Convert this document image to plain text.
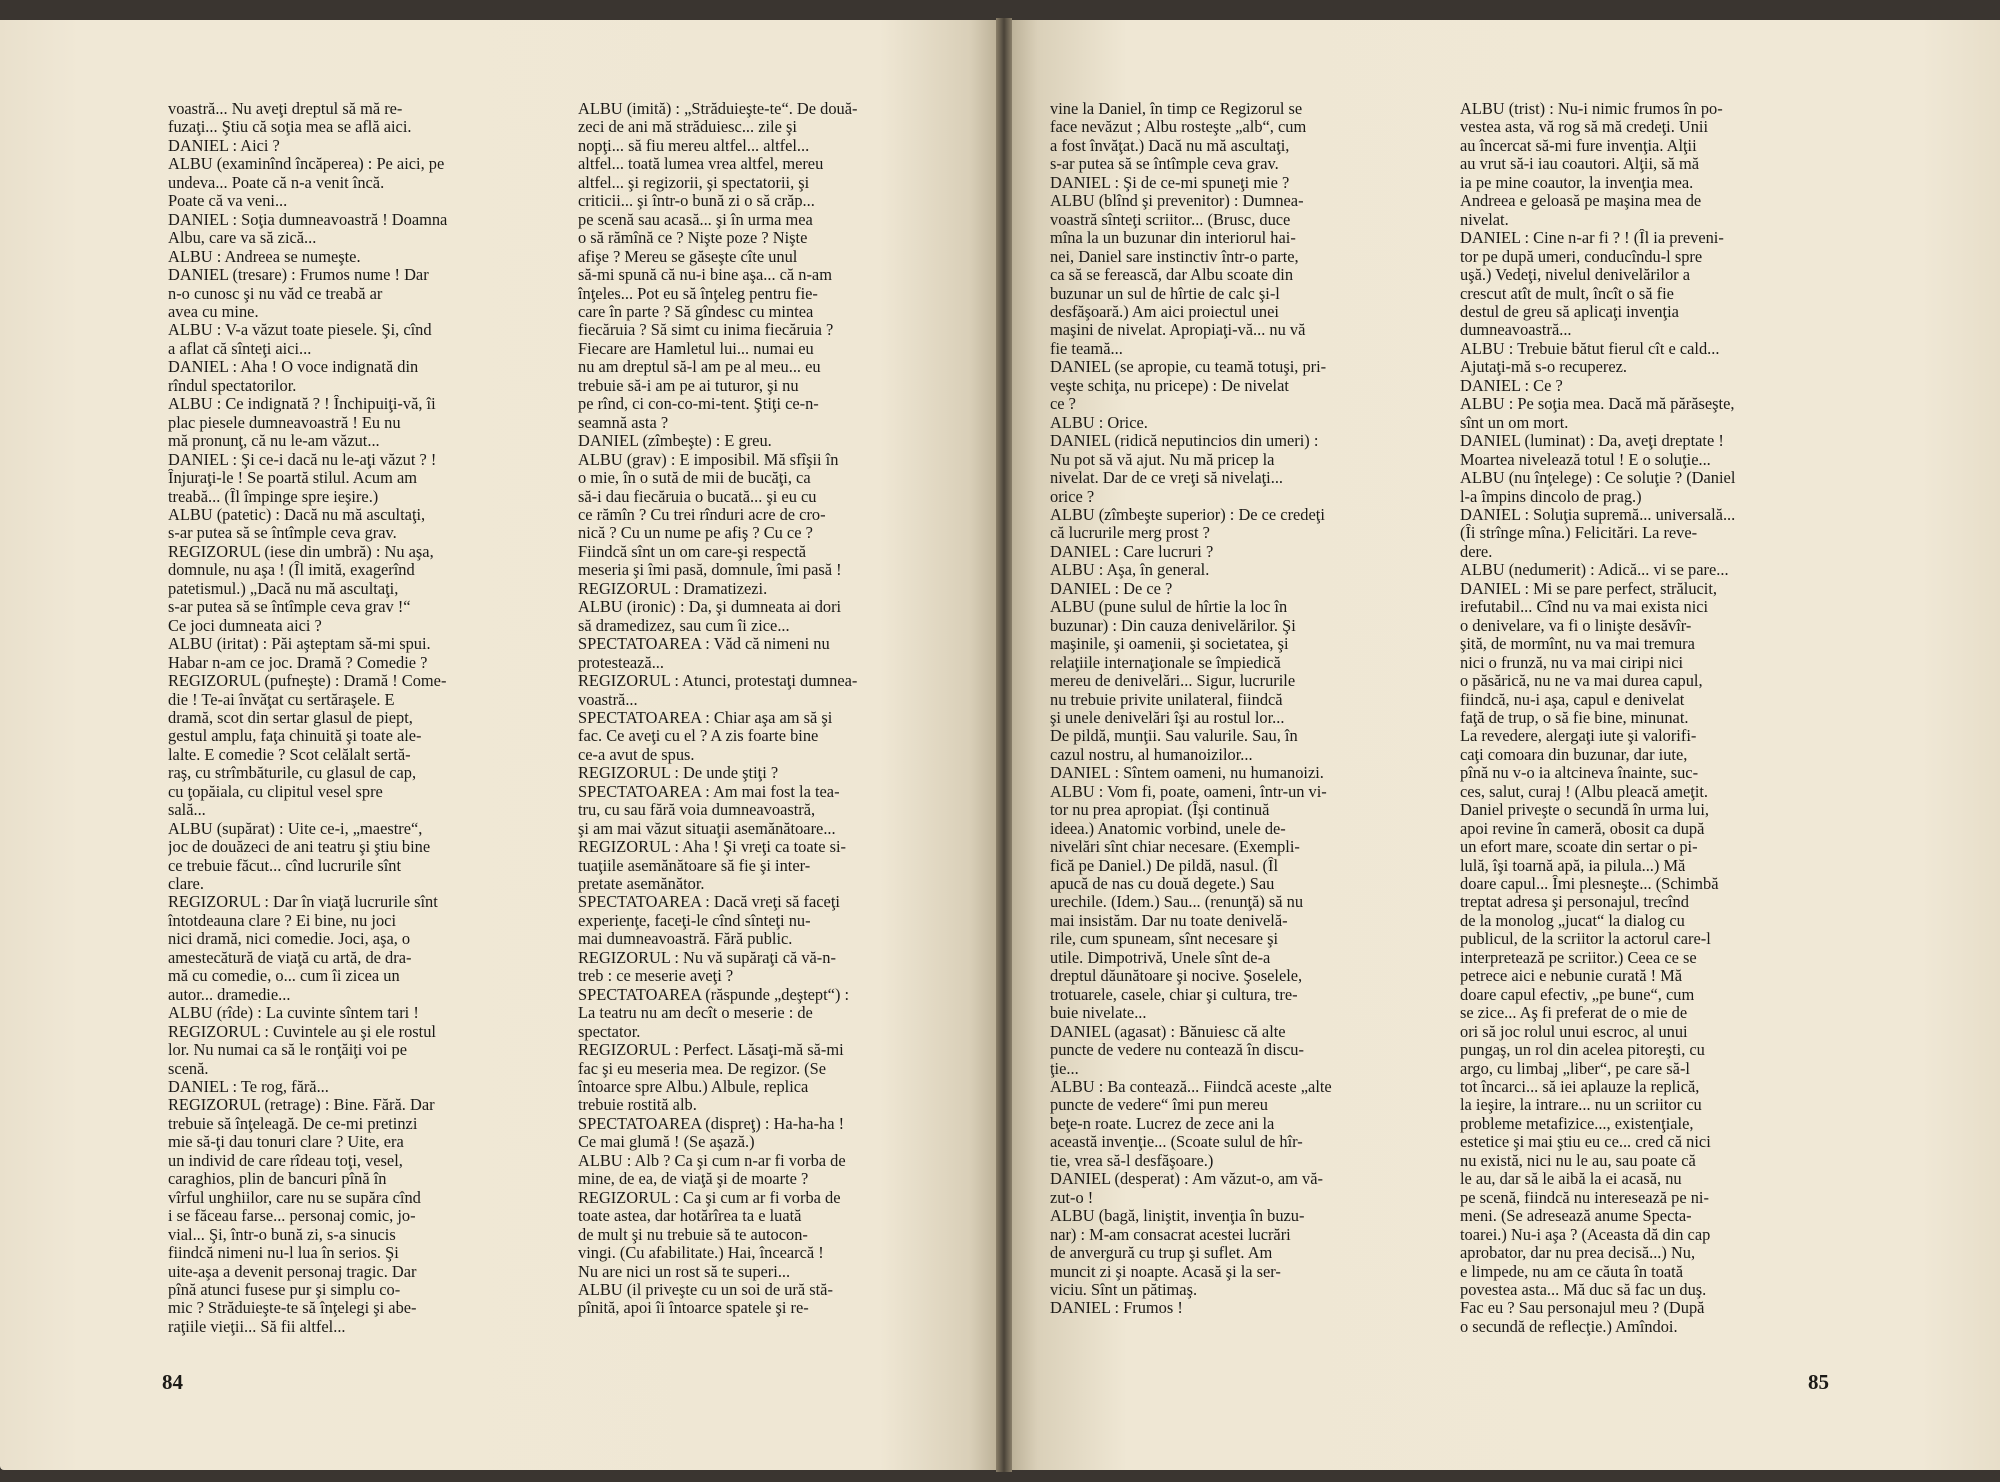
voastră... Nu aveţi dreptul să mă re-
fuzaţi... Ştiu că soţia mea se află aici.
DANIEL : Aici ?
ALBU (examinînd încăperea) : Pe aici, pe
undeva... Poate că n-a venit încă.
Poate că va veni...
DANIEL : Soţia dumneavoastră ! Doamna
Albu, care va să zică...
ALBU : Andreea se numeşte.
DANIEL (tresare) : Frumos nume ! Dar
n-o cunosc şi nu văd ce treabă ar
avea cu mine.
ALBU : V-a văzut toate piesele. Şi, cînd
a aflat că sînteţi aici...
DANIEL : Aha ! O voce indignată din
rîndul spectatorilor.
ALBU : Ce indignată ? ! Închipuiţi-vă, îi
plac piesele dumneavoastră ! Eu nu
mă pronunţ, că nu le-am văzut...
DANIEL : Şi ce-i dacă nu le-aţi văzut ? !
Înjuraţi-le ! Se poartă stilul. Acum am
treabă... (Îl împinge spre ieşire.)
ALBU (patetic) : Dacă nu mă ascultaţi,
s-ar putea să se întîmple ceva grav.
REGIZORUL (iese din umbră) : Nu aşa,
domnule, nu aşa ! (Îl imită, exagerînd
patetismul.) „Dacă nu mă ascultaţi,
s-ar putea să se întîmple ceva grav !“
Ce joci dumneata aici ?
ALBU (iritat) : Păi aşteptam să-mi spui.
Habar n-am ce joc. Dramă ? Comedie ?
REGIZORUL (pufneşte) : Dramă ! Come-
die ! Te-ai învăţat cu sertăraşele. E
dramă, scot din sertar glasul de piept,
gestul amplu, faţa chinuită şi toate ale-
lalte. E comedie ? Scot celălalt sertă-
raş, cu strîmbăturile, cu glasul de cap,
cu ţopăiala, cu clipitul vesel spre
sală...
ALBU (supărat) : Uite ce-i, „maestre“,
joc de douăzeci de ani teatru şi ştiu bine
ce trebuie făcut... cînd lucrurile sînt
clare.
REGIZORUL : Dar în viaţă lucrurile sînt
întotdeauna clare ? Ei bine, nu joci
nici dramă, nici comedie. Joci, aşa, o
amestecătură de viaţă cu artă, de dra-
mă cu comedie, o... cum îi zicea un
autor... dramedie...
ALBU (rîde) : La cuvinte sîntem tari !
REGIZORUL : Cuvintele au şi ele rostul
lor. Nu numai ca să le ronţăiţi voi pe
scenă.
DANIEL : Te rog, fără...
REGIZORUL (retrage) : Bine. Fără. Dar
trebuie să înţeleagă. De ce-mi pretinzi
mie să-ţi dau tonuri clare ? Uite, era
un individ de care rîdeau toţi, vesel,
caraghios, plin de bancuri pînă în
vîrful unghiilor, care nu se supăra cînd
i se făceau farse... personaj comic, jo-
vial... Şi, într-o bună zi, s-a sinucis
fiindcă nimeni nu-l lua în serios. Şi
uite-aşa a devenit personaj tragic. Dar
pînă atunci fusese pur şi simplu co-
mic ? Străduieşte-te să înţelegi şi abe-
raţiile vieţii... Să fii altfel...
ALBU (imită) : „Străduieşte-te“. De două-
zeci de ani mă străduiesc... zile şi
nopţi... să fiu mereu altfel... altfel...
altfel... toată lumea vrea altfel, mereu
altfel... şi regizorii, şi spectatorii, şi
criticii... şi într-o bună zi o să crăp...
pe scenă sau acasă... şi în urma mea
o să rămînă ce ? Nişte poze ? Nişte
afişe ? Mereu se găseşte cîte unul
să-mi spună că nu-i bine aşa... că n-am
înţeles... Pot eu să înţeleg pentru fie-
care în parte ? Să gîndesc cu mintea
fiecăruia ? Să simt cu inima fiecăruia ?
Fiecare are Hamletul lui... numai eu
nu am dreptul să-l am pe al meu... eu
trebuie să-i am pe ai tuturor, şi nu
pe rînd, ci con-co-mi-tent. Ştiţi ce-n-
seamnă asta ?
DANIEL (zîmbeşte) : E greu.
ALBU (grav) : E imposibil. Mă sfîşii în
o mie, în o sută de mii de bucăţi, ca
să-i dau fiecăruia o bucată... şi eu cu
ce rămîn ? Cu trei rînduri acre de cro-
nică ? Cu un nume pe afiş ? Cu ce ?
Fiindcă sînt un om care-şi respectă
meseria şi îmi pasă, domnule, îmi pasă !
REGIZORUL : Dramatizezi.
ALBU (ironic) : Da, şi dumneata ai dori
să dramedizez, sau cum îi zice...
SPECTATOAREA : Văd că nimeni nu
protestează...
REGIZORUL : Atunci, protestaţi dumnea-
voastră...
SPECTATOAREA : Chiar aşa am să şi
fac. Ce aveţi cu el ? A zis foarte bine
ce-a avut de spus.
REGIZORUL : De unde ştiţi ?
SPECTATOAREA : Am mai fost la tea-
tru, cu sau fără voia dumneavoastră,
şi am mai văzut situaţii asemănătoare...
REGIZORUL : Aha ! Şi vreţi ca toate si-
tuaţiile asemănătoare să fie şi inter-
pretate asemănător.
SPECTATOAREA : Dacă vreţi să faceţi
experienţe, faceţi-le cînd sînteţi nu-
mai dumneavoastră. Fără public.
REGIZORUL : Nu vă supăraţi că vă-n-
treb : ce meserie aveţi ?
SPECTATOAREA (răspunde „deştept“) :
La teatru nu am decît o meserie : de
spectator.
REGIZORUL : Perfect. Lăsaţi-mă să-mi
fac şi eu meseria mea. De regizor. (Se
întoarce spre Albu.) Albule, replica
trebuie rostită alb.
SPECTATOAREA (dispreţ) : Ha-ha-ha !
Ce mai glumă ! (Se aşază.)
ALBU : Alb ? Ca şi cum n-ar fi vorba de
mine, de ea, de viaţă şi de moarte ?
REGIZORUL : Ca şi cum ar fi vorba de
toate astea, dar hotărîrea ta e luată
de mult şi nu trebuie să te autocon-
vingi. (Cu afabilitate.) Hai, încearcă !
Nu are nici un rost să te superi...
ALBU (il priveşte cu un soi de ură stă-
pînită, apoi îi întoarce spatele şi re-
vine la Daniel, în timp ce Regizorul se
face nevăzut ; Albu rosteşte „alb“, cum
a fost învăţat.) Dacă nu mă ascultaţi,
s-ar putea să se întîmple ceva grav.
DANIEL : Şi de ce-mi spuneţi mie ?
ALBU (blînd şi prevenitor) : Dumnea-
voastră sînteţi scriitor... (Brusc, duce
mîna la un buzunar din interiorul hai-
nei, Daniel sare instinctiv într-o parte,
ca să se ferească, dar Albu scoate din
buzunar un sul de hîrtie de calc şi-l
desfăşoară.) Am aici proiectul unei
maşini de nivelat. Apropiaţi-vă... nu vă
fie teamă...
DANIEL (se apropie, cu teamă totuşi, pri-
veşte schiţa, nu pricepe) : De nivelat
ce ?
ALBU : Orice.
DANIEL (ridică neputincios din umeri) :
Nu pot să vă ajut. Nu mă pricep la
nivelat. Dar de ce vreţi să nivelaţi...
orice ?
ALBU (zîmbeşte superior) : De ce credeţi
că lucrurile merg prost ?
DANIEL : Care lucruri ?
ALBU : Aşa, în general.
DANIEL : De ce ?
ALBU (pune sulul de hîrtie la loc în
buzunar) : Din cauza denivelărilor. Şi
maşinile, şi oamenii, şi societatea, şi
relaţiile internaţionale se împiedică
mereu de denivelări... Sigur, lucrurile
nu trebuie privite unilateral, fiindcă
şi unele denivelări îşi au rostul lor...
De pildă, munţii. Sau valurile. Sau, în
cazul nostru, al humanoizilor...
DANIEL : Sîntem oameni, nu humanoizi.
ALBU : Vom fi, poate, oameni, într-un vi-
tor nu prea apropiat. (Îşi continuă
ideea.) Anatomic vorbind, unele de-
nivelări sînt chiar necesare. (Exempli-
fică pe Daniel.) De pildă, nasul. (Îl
apucă de nas cu două degete.) Sau
urechile. (Idem.) Sau... (renunţă) să nu
mai insistăm. Dar nu toate denivelă-
rile, cum spuneam, sînt necesare şi
utile. Dimpotrivă, Unele sînt de-a
dreptul dăunătoare şi nocive. Şoselele,
trotuarele, casele, chiar şi cultura, tre-
buie nivelate...
DANIEL (agasat) : Bănuiesc că alte
puncte de vedere nu contează în discu-
ţie...
ALBU : Ba contează... Fiindcă aceste „alte
puncte de vedere“ îmi pun mereu
beţe-n roate. Lucrez de zece ani la
această invenţie... (Scoate sulul de hîr-
tie, vrea să-l desfăşoare.)
DANIEL (desperat) : Am văzut-o, am vă-
zut-o !
ALBU (bagă, liniştit, invenţia în buzu-
nar) : M-am consacrat acestei lucrări
de anvergură cu trup şi suflet. Am
muncit zi şi noapte. Acasă şi la ser-
viciu. Sînt un pătimaş.
DANIEL : Frumos !
ALBU (trist) : Nu-i nimic frumos în po-
vestea asta, vă rog să mă credeţi. Unii
au încercat să-mi fure invenţia. Alţii
au vrut să-i iau coautori. Alţii, să mă
ia pe mine coautor, la invenţia mea.
Andreea e geloasă pe maşina mea de
nivelat.
DANIEL : Cine n-ar fi ? ! (Îl ia preveni-
tor pe după umeri, conducîndu-l spre
uşă.) Vedeţi, nivelul denivelărilor a
crescut atît de mult, încît o să fie
destul de greu să aplicaţi invenţia
dumneavoastră...
ALBU : Trebuie bătut fierul cît e cald...
Ajutaţi-mă s-o recuperez.
DANIEL : Ce ?
ALBU : Pe soţia mea. Dacă mă părăseşte,
sînt un om mort.
DANIEL (luminat) : Da, aveţi dreptate !
Moartea nivelează totul ! E o soluţie...
ALBU (nu înţelege) : Ce soluţie ? (Daniel
l-a împins dincolo de prag.)
DANIEL : Soluţia supremă... universală...
(Îi strînge mîna.) Felicitări. La reve-
dere.
ALBU (nedumerit) : Adică... vi se pare...
DANIEL : Mi se pare perfect, strălucit,
irefutabil... Cînd nu va mai exista nici
o denivelare, va fi o linişte desăvîr-
şită, de mormînt, nu va mai tremura
nici o frunză, nu va mai ciripi nici
o păsărică, nu ne va mai durea capul,
fiindcă, nu-i aşa, capul e denivelat
faţă de trup, o să fie bine, minunat.
La revedere, alergaţi iute şi valorifi-
caţi comoara din buzunar, dar iute,
pînă nu v-o ia altcineva înainte, suc-
ces, salut, curaj ! (Albu pleacă ameţit.
Daniel priveşte o secundă în urma lui,
apoi revine în cameră, obosit ca după
un efort mare, scoate din sertar o pi-
lulă, îşi toarnă apă, ia pilula...) Mă
doare capul... Îmi plesneşte... (Schimbă
treptat adresa şi personajul, trecînd
de la monolog „jucat“ la dialog cu
publicul, de la scriitor la actorul care-l
interpretează pe scriitor.) Ceea ce se
petrece aici e nebunie curată ! Mă
doare capul efectiv, „pe bune“, cum
se zice... Aş fi preferat de o mie de
ori să joc rolul unui escroc, al unui
pungaş, un rol din acelea pitoreşti, cu
argo, cu limbaj „liber“, pe care să-l
tot încarci... să iei aplauze la replică,
la ieşire, la intrare... nu un scriitor cu
probleme metafizice..., existenţiale,
estetice şi mai ştiu eu ce... cred că nici
nu există, nici nu le au, sau poate că
le au, dar să le aibă la ei acasă, nu
pe scenă, fiindcă nu interesează pe ni-
meni. (Se adresează anume Specta-
toarei.) Nu-i aşa ? (Aceasta dă din cap
aprobator, dar nu prea decisă...) Nu,
e limpede, nu am ce căuta în toată
povestea asta... Mă duc să fac un duş.
Fac eu ? Sau personajul meu ? (După
o secundă de reflecţie.) Amîndoi.
84	85
